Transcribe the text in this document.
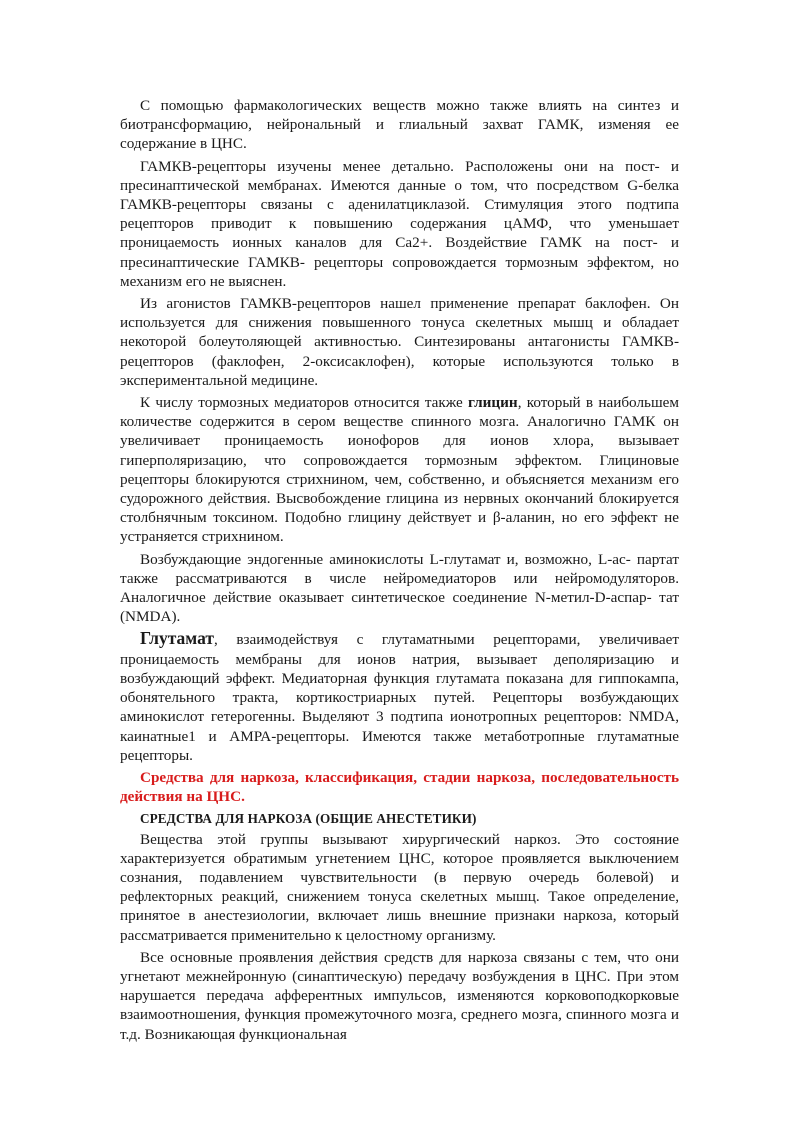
С помощью фармакологических веществ можно также влиять на синтез и биотрансформацию, нейрональный и глиальный захват ГАМК, изменяя ее содержание в ЦНС.

ГАМКВ-рецепторы изучены менее детально. Расположены они на пост- и пресинаптической мембранах. Имеются данные о том, что посредством G-белка ГАМКВ-рецепторы связаны с аденилатциклазой. Стимуляция этого подтипа рецепторов приводит к повышению содержания цАМФ, что уменьшает проницаемость ионных каналов для Са2+. Воздействие ГАМК на пост- и пресинаптические ГАМКВ- рецепторы сопровождается тормозным эффектом, но механизм его не выяснен.

Из агонистов ГАМКВ-рецепторов нашел применение препарат баклофен. Он используется для снижения повышенного тонуса скелетных мышц и обладает некоторой болеутоляющей активностью. Синтезированы антагонисты ГАМКВ-рецепторов (факлофен, 2-оксисаклофен), которые используются только в экспериментальной медицине.

К числу тормозных медиаторов относится также глицин, который в наибольшем количестве содержится в сером веществе спинного мозга. Аналогично ГАМК он увеличивает проницаемость ионофоров для ионов хлора, вызывает гиперполяризацию, что сопровождается тормозным эффектом. Глициновые рецепторы блокируются стрихнином, чем, собственно, и объясняется механизм его судорожного действия. Высвобождение глицина из нервных окончаний блокируется столбнячным токсином. Подобно глицину действует и β-аланин, но его эффект не устраняется стрихнином.

Возбуждающие эндогенные аминокислоты L-глутамат и, возможно, L-ас- партат также рассматриваются в числе нейромедиаторов или нейромодуляторов. Аналогичное действие оказывает синтетическое соединение N-метил-D-аспар- тат (NMDA).

Глутамат, взаимодействуя с глутаматными рецепторами, увеличивает проницаемость мембраны для ионов натрия, вызывает деполяризацию и возбуждающий эффект. Медиаторная функция глутамата показана для гиппокампа, обонятельного тракта, кортикостриарных путей. Рецепторы возбуждающих аминокислот гетерогенны. Выделяют 3 подтипа ионотропных рецепторов: NMDA, каинатные1 и АМРА-рецепторы. Имеются также метаботропные глутаматные рецепторы.

Средства для наркоза, классификация, стадии наркоза, последовательность действия на ЦНС.

СРЕДСТВА ДЛЯ НАРКОЗА (ОБЩИЕ АНЕСТЕТИКИ)

Вещества этой группы вызывают хирургический наркоз. Это состояние характеризуется обратимым угнетением ЦНС, которое проявляется выключением сознания, подавлением чувствительности (в первую очередь болевой) и рефлекторных реакций, снижением тонуса скелетных мышц. Такое определение, принятое в анестезиологии, включает лишь внешние признаки наркоза, который рассматривается применительно к целостному организму.

Все основные проявления действия средств для наркоза связаны с тем, что они угнетают межнейронную (синаптическую) передачу возбуждения в ЦНС. При этом нарушается передача афферентных импульсов, изменяются корковоподкорковые взаимоотношения, функция промежуточного мозга, среднего мозга, спинного мозга и т.д. Возникающая функциональная
